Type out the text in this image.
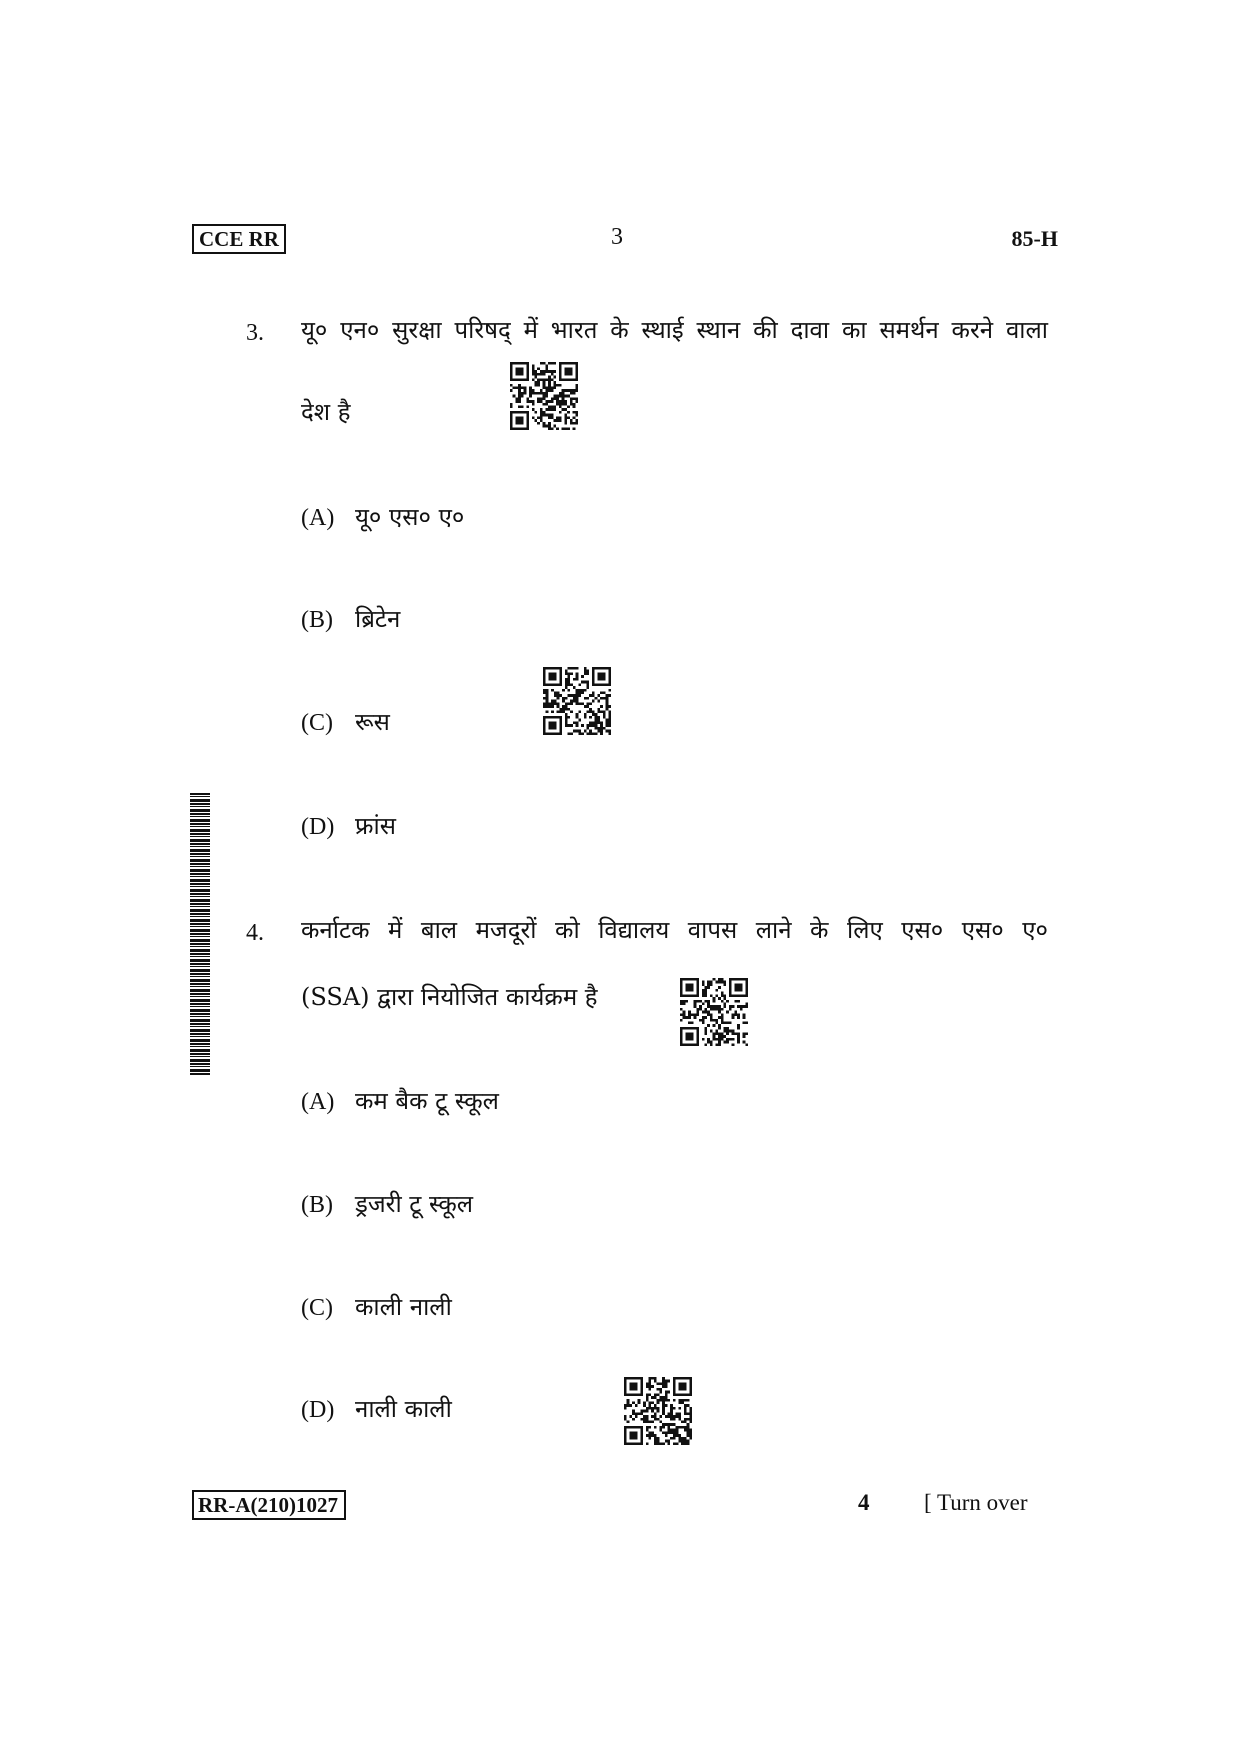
CCE RR	3	85-H
3. यू० एन० सुरक्षा परिषद् में भारत के स्थाई स्थान की दावा का समर्थन करने वाला
देश है
(A) यू० एस० ए०
(B) ब्रिटेन
(C) रूस
(D) फ्रांस
4. कर्नाटक में बाल मजदूरों को विद्यालय वापस लाने के लिए एस० एस० ए०
(SSA) द्वारा नियोजित कार्यक्रम है
(A) कम बैक टू स्कूल
(B) ड्रजरी टू स्कूल
(C) काली नाली
(D) नाली काली
RR-A(210)1027	4 [ Turn over
